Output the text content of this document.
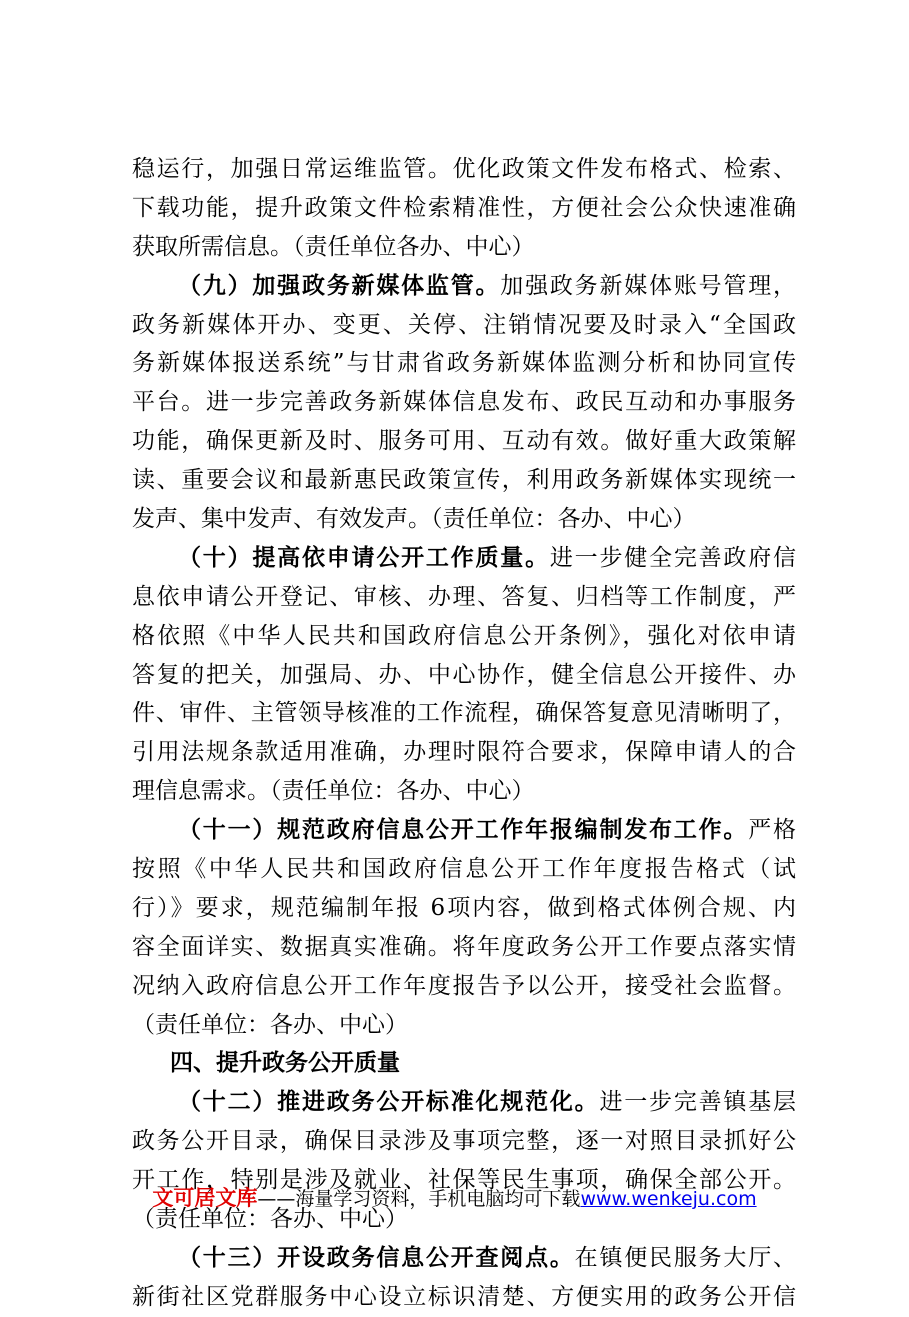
稳运行，加强日常运维监管。优化政策文件发布格式、检索、
下载功能，提升政策文件检索精准性，方便社会公众快速准确
获取所需信息。（责任单位各办、中心）
（九）加强政务新媒体监管。加强政务新媒体账号管理，
政务新媒体开办、变更、关停、注销情况要及时录入“全国政
务新媒体报送系统”与甘肃省政务新媒体监测分析和协同宣传
平台。进一步完善政务新媒体信息发布、政民互动和办事服务
功能，确保更新及时、服务可用、互动有效。做好重大政策解
读、重要会议和最新惠民政策宣传，利用政务新媒体实现统一
发声、集中发声、有效发声。（责任单位：各办、中心）
（十）提高依申请公开工作质量。进一步健全完善政府信
息依申请公开登记、审核、办理、答复、归档等工作制度，严
格依照《中华人民共和国政府信息公开条例》，强化对依申请
答复的把关，加强局、办、中心协作，健全信息公开接件、办
件、审件、主管领导核准的工作流程，确保答复意见清晰明了，
引用法规条款适用准确，办理时限符合要求，保障申请人的合
理信息需求。（责任单位：各办、中心）
（十一）规范政府信息公开工作年报编制发布工作。严格
按照《中华人民共和国政府信息公开工作年度报告格式（试
行）》要求，规范编制年报 6项内容，做到格式体例合规、内
容全面详实、数据真实准确。将年度政务公开工作要点落实情
况纳入政府信息公开工作年度报告予以公开，接受社会监督。
（责任单位：各办、中心）
四、提升政务公开质量
（十二）推进政务公开标准化规范化。进一步完善镇基层
政务公开目录，确保目录涉及事项完整，逐一对照目录抓好公
开工作，特别是涉及就业、社保等民生事项，确保全部公开。
（责任单位：各办、中心）
（十三）开设政务信息公开查阅点。在镇便民服务大厅、
新街社区党群服务中心设立标识清楚、方便实用的政务公开信
文可居文库——海量学习资料，手机电脑均可下载www.wenkeju.com
